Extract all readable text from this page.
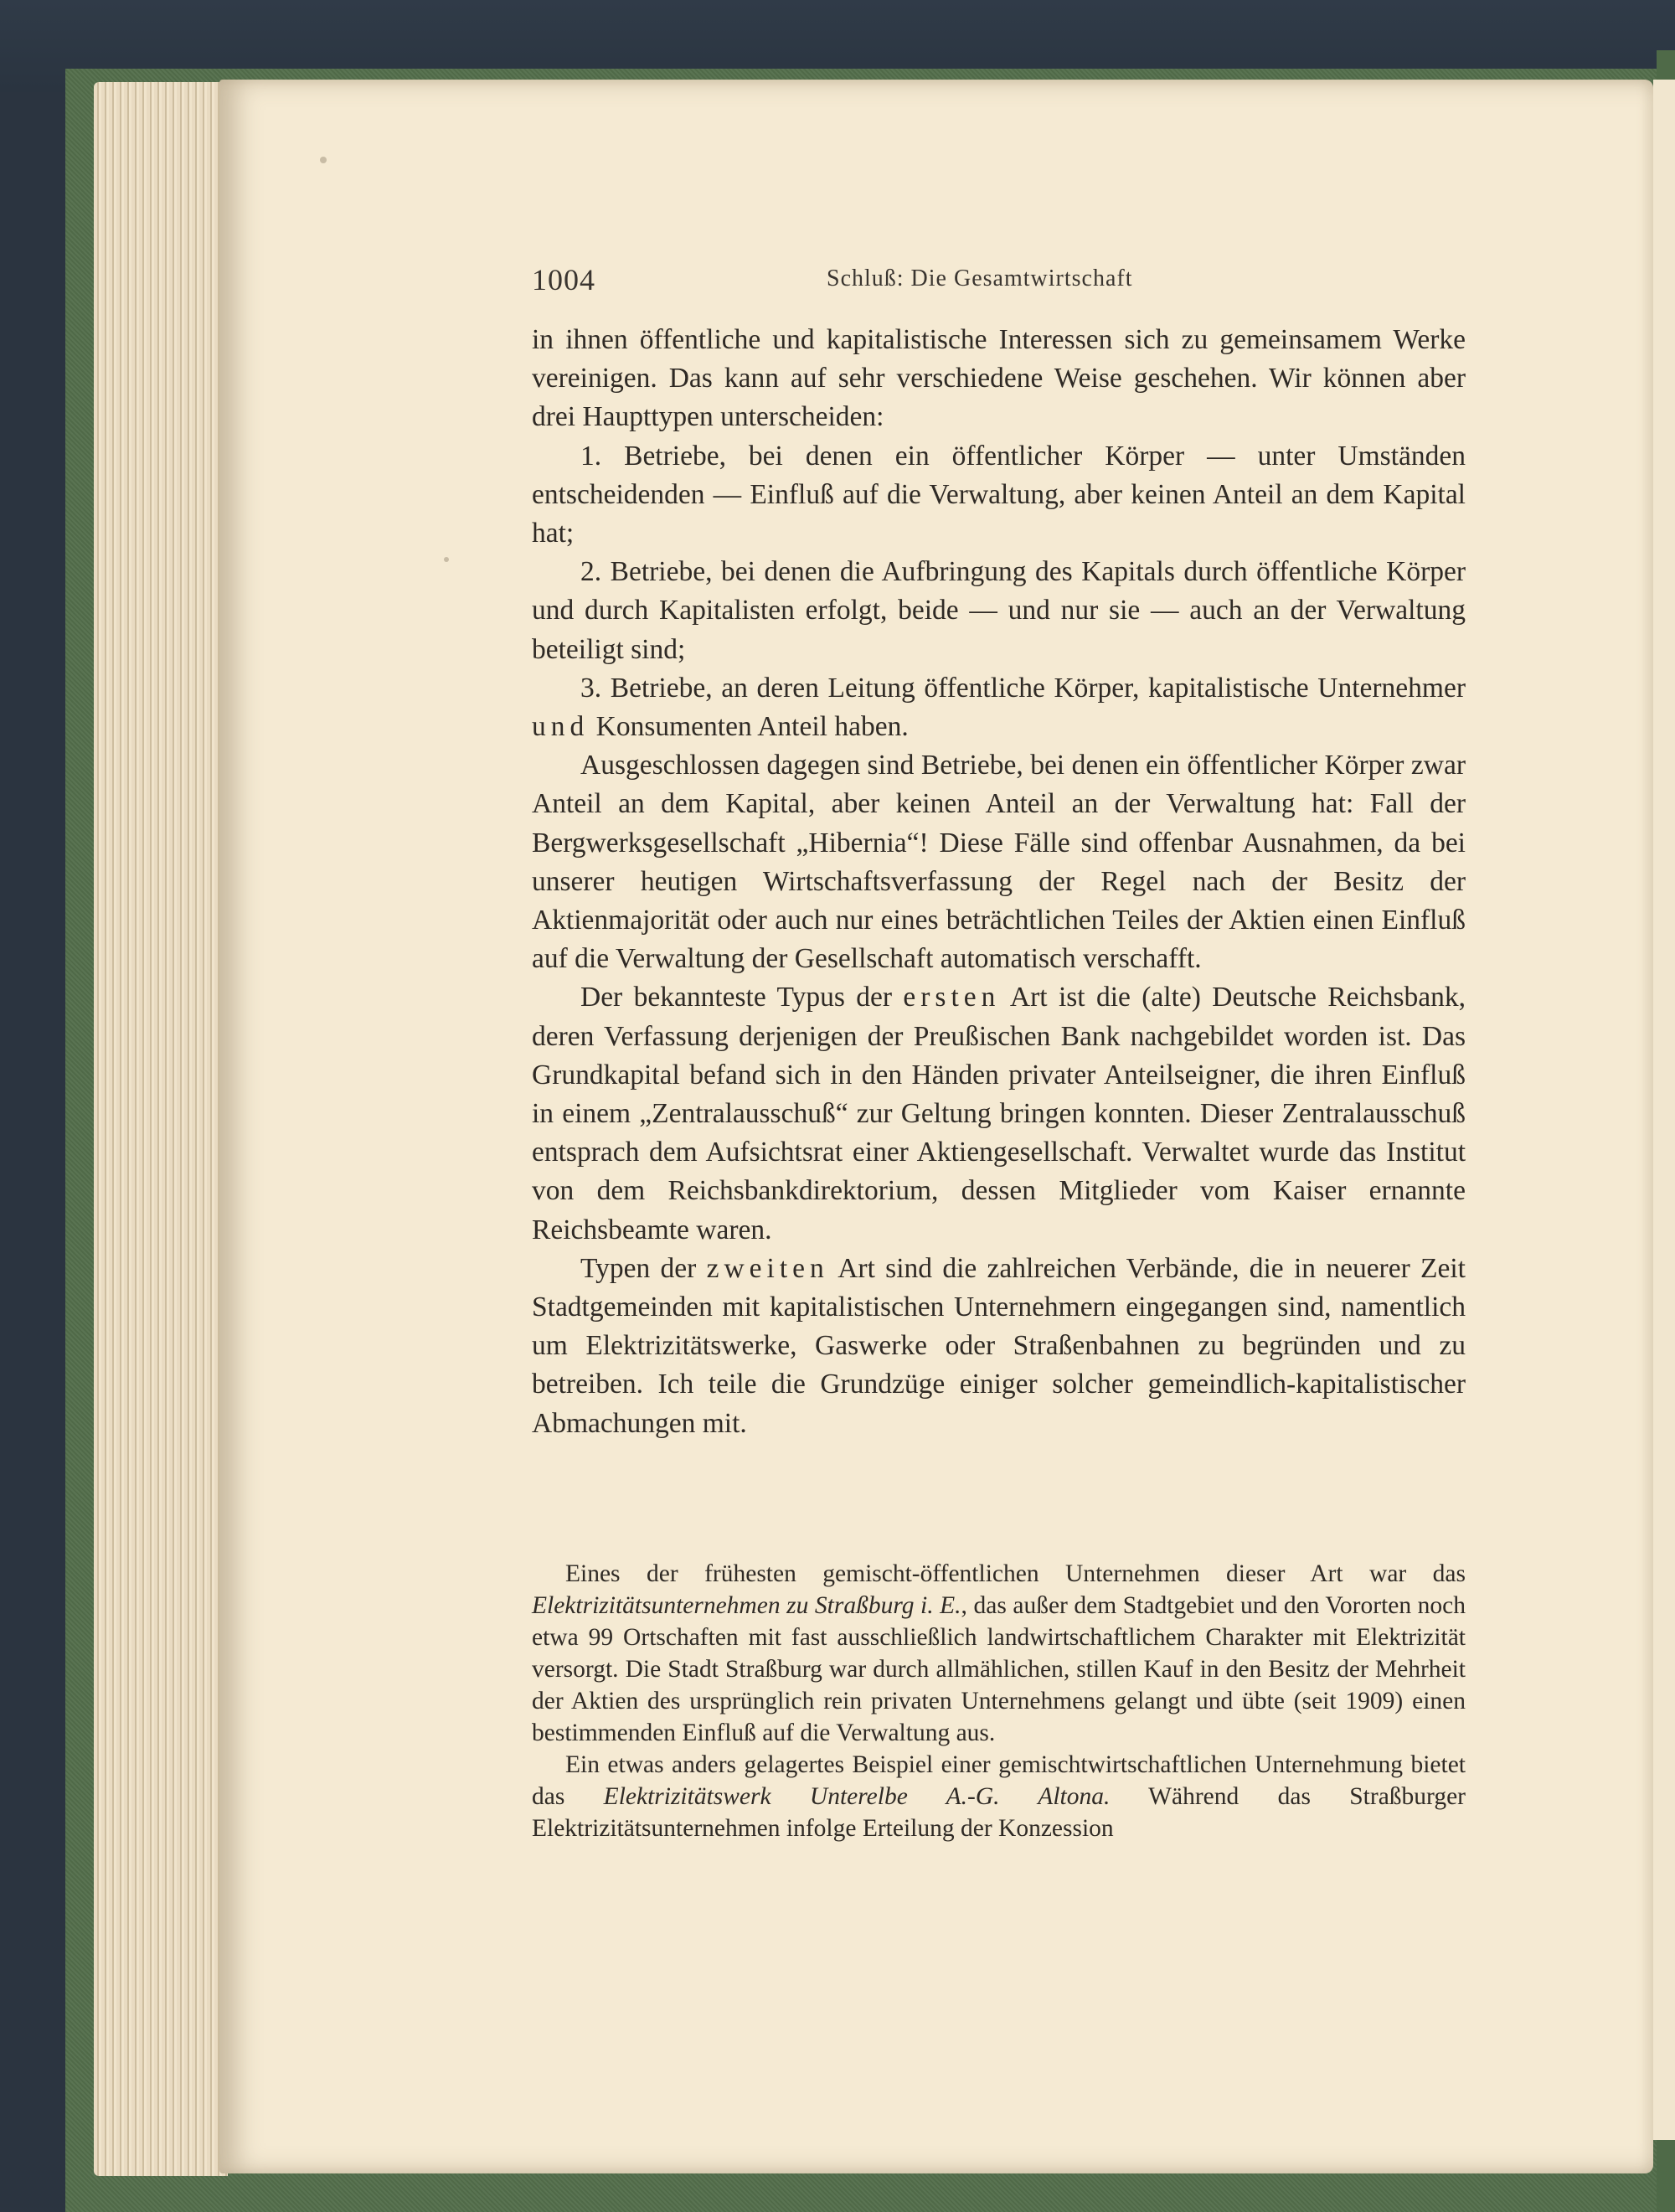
1004	Schluß: Die Gesamtwirtschaft

in ihnen öffentliche und kapitalistische Interessen sich zu gemeinsamem Werke vereinigen. Das kann auf sehr verschiedene Weise geschehen. Wir können aber drei Haupttypen unterscheiden:

1. Betriebe, bei denen ein öffentlicher Körper — unter Umständen entscheidenden — Einfluß auf die Verwaltung, aber keinen Anteil an dem Kapital hat;

2. Betriebe, bei denen die Aufbringung des Kapitals durch öffentliche Körper und durch Kapitalisten erfolgt, beide — und nur sie — auch an der Verwaltung beteiligt sind;

3. Betriebe, an deren Leitung öffentliche Körper, kapitalistische Unternehmer und Konsumenten Anteil haben.

Ausgeschlossen dagegen sind Betriebe, bei denen ein öffentlicher Körper zwar Anteil an dem Kapital, aber keinen Anteil an der Verwaltung hat: Fall der Bergwerksgesellschaft „Hibernia“! Diese Fälle sind offenbar Ausnahmen, da bei unserer heutigen Wirtschaftsverfassung der Regel nach der Besitz der Aktienmajorität oder auch nur eines beträchtlichen Teiles der Aktien einen Einfluß auf die Verwaltung der Gesellschaft automatisch verschafft.

Der bekannteste Typus der ersten Art ist die (alte) Deutsche Reichsbank, deren Verfassung derjenigen der Preußischen Bank nachgebildet worden ist. Das Grundkapital befand sich in den Händen privater Anteilseigner, die ihren Einfluß in einem „Zentralausschuß“ zur Geltung bringen konnten. Dieser Zentralausschuß entsprach dem Aufsichtsrat einer Aktiengesellschaft. Verwaltet wurde das Institut von dem Reichsbankdirektorium, dessen Mitglieder vom Kaiser ernannte Reichsbeamte waren.

Typen der zweiten Art sind die zahlreichen Verbände, die in neuerer Zeit Stadtgemeinden mit kapitalistischen Unternehmern eingegangen sind, namentlich um Elektrizitätswerke, Gaswerke oder Straßenbahnen zu begründen und zu betreiben. Ich teile die Grundzüge einiger solcher gemeindlich-kapitalistischer Abmachungen mit.

Eines der frühesten gemischt-öffentlichen Unternehmen dieser Art war das Elektrizitätsunternehmen zu Straßburg i. E., das außer dem Stadtgebiet und den Vororten noch etwa 99 Ortschaften mit fast ausschließlich landwirtschaftlichem Charakter mit Elektrizität versorgt. Die Stadt Straßburg war durch allmählichen, stillen Kauf in den Besitz der Mehrheit der Aktien des ursprünglich rein privaten Unternehmens gelangt und übte (seit 1909) einen bestimmenden Einfluß auf die Verwaltung aus.

Ein etwas anders gelagertes Beispiel einer gemischtwirtschaftlichen Unternehmung bietet das Elektrizitätswerk Unterelbe A.-G. Altona. Während das Straßburger Elektrizitätsunternehmen infolge Erteilung der Konzession
